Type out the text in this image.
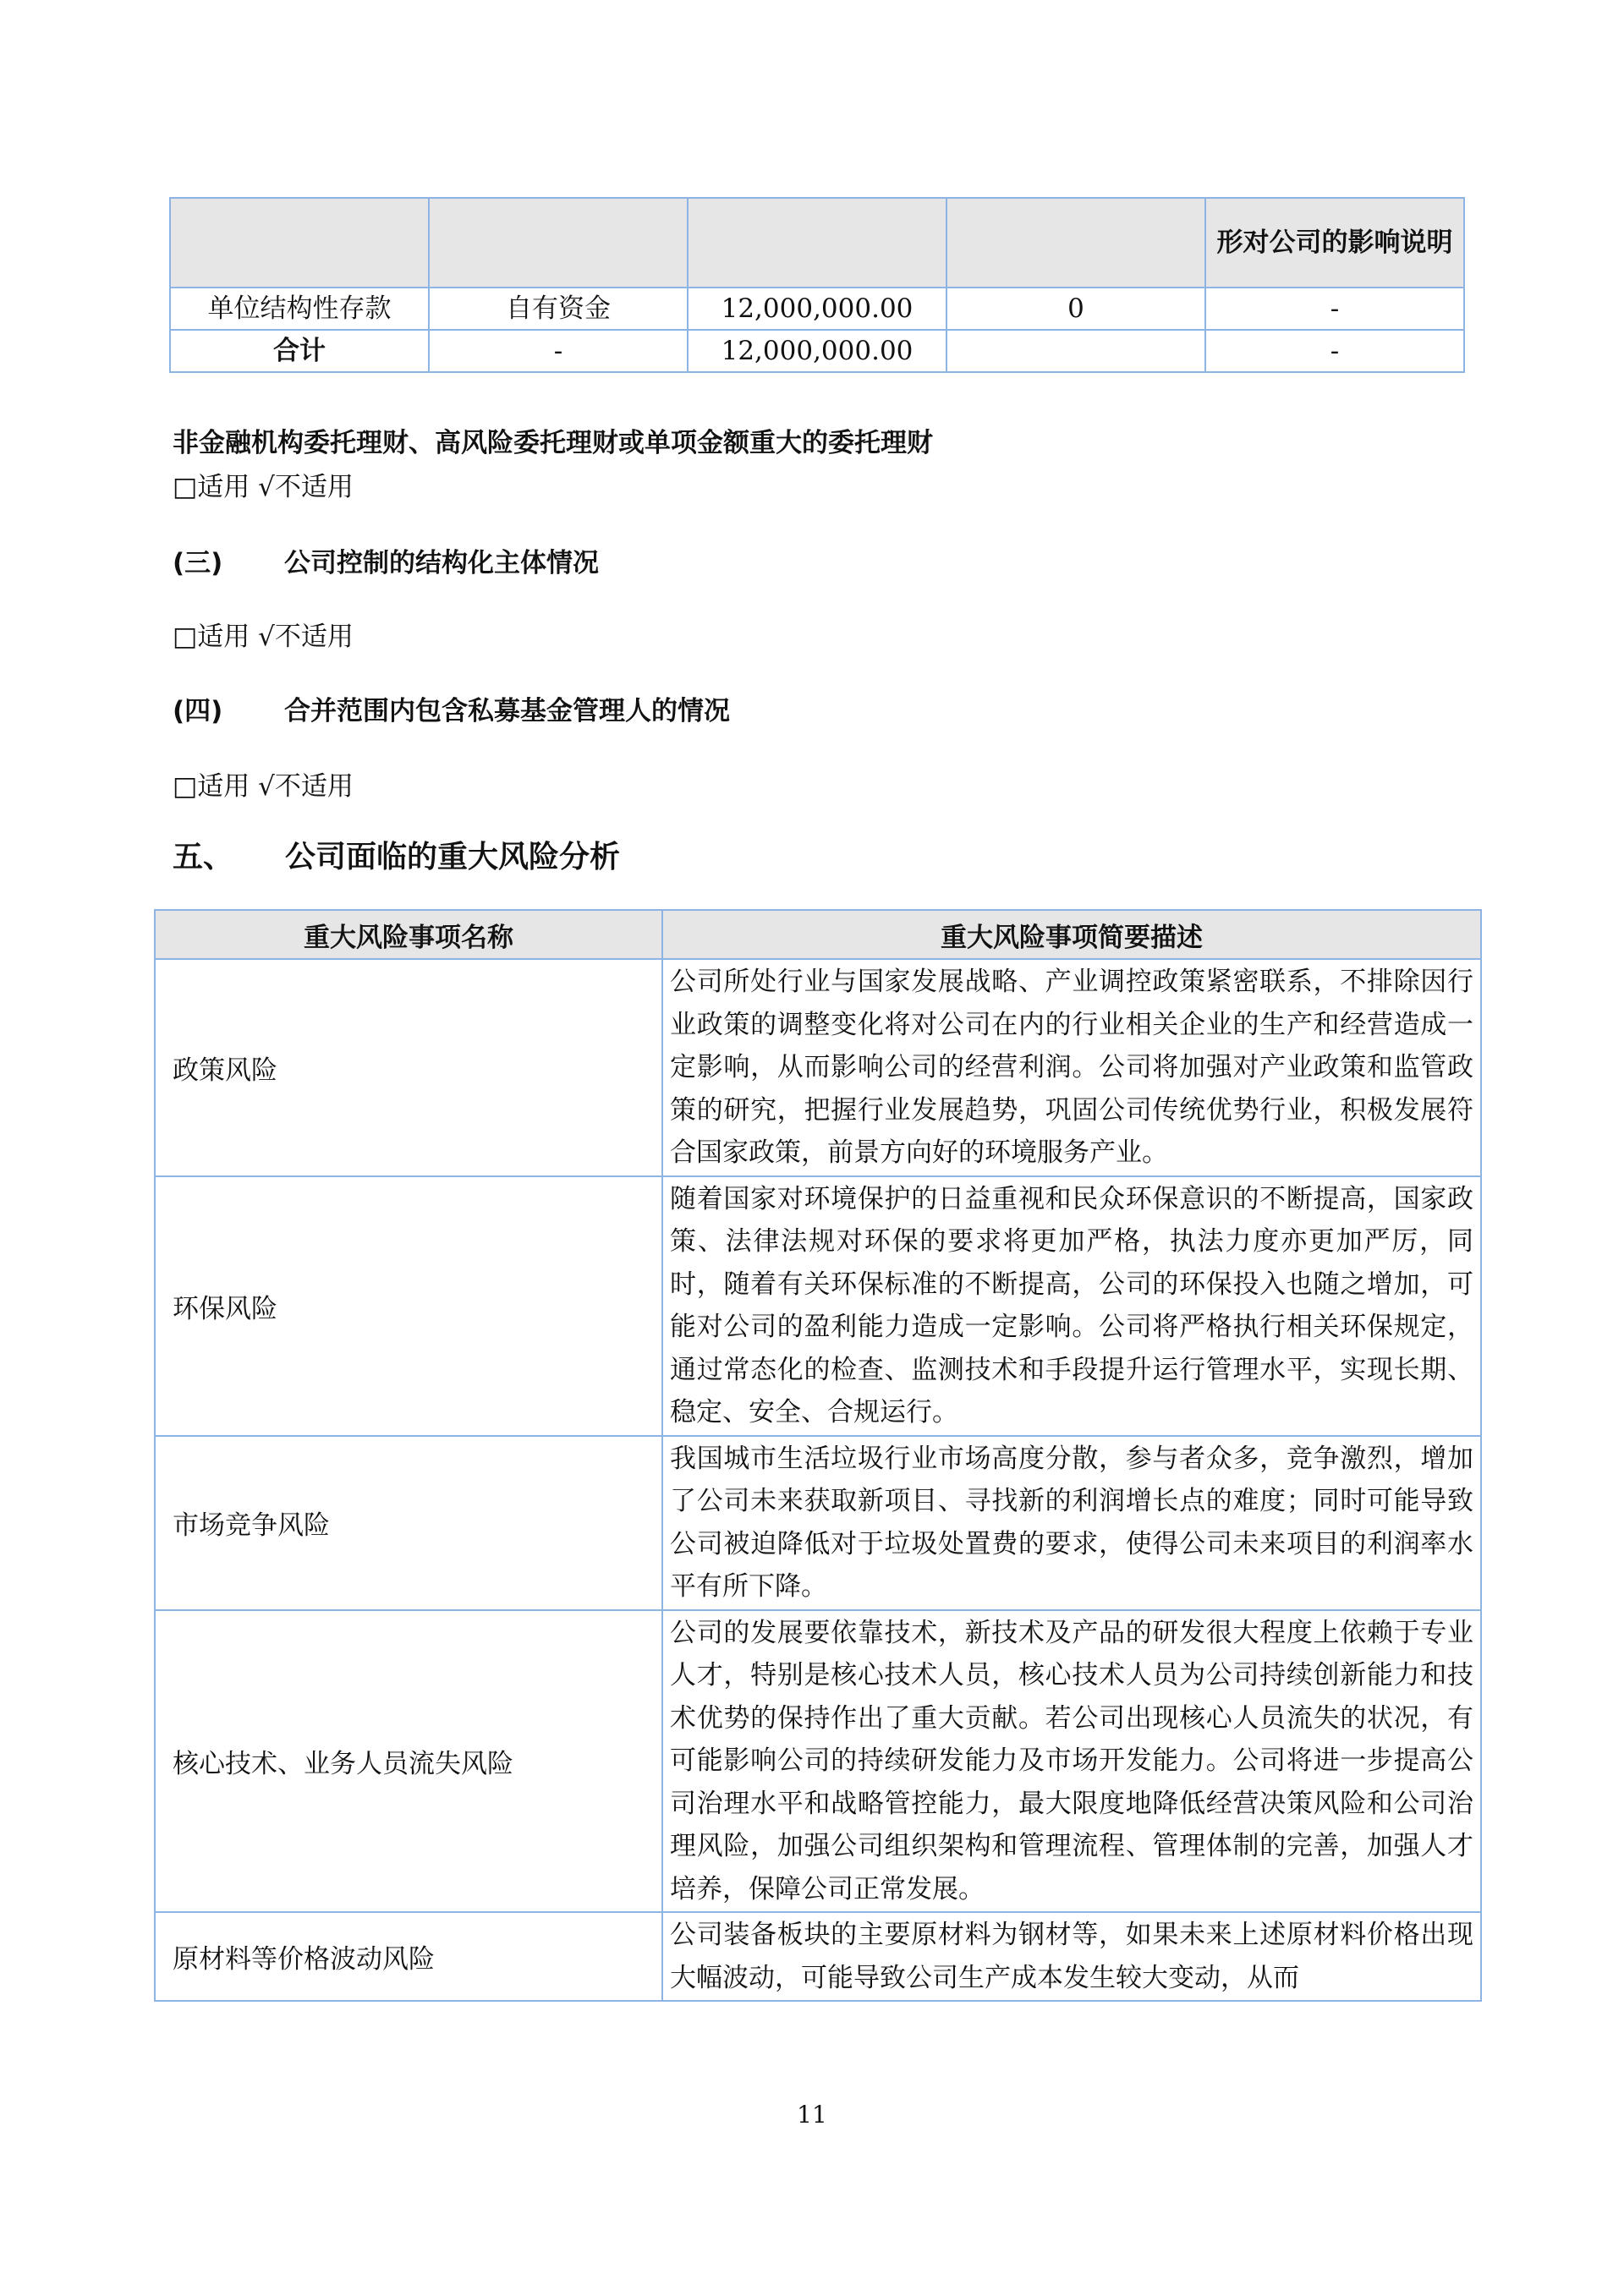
				形对公司的影响说明
单位结构性存款	自有资金	12,000,000.00	0	-
合计	-	12,000,000.00		-
非金融机构委托理财、高风险委托理财或单项金额重大的委托理财
□适用 √不适用
(三) 公司控制的结构化主体情况
□适用 √不适用
(四) 合并范围内包含私募基金管理人的情况
□适用 √不适用
五、 公司面临的重大风险分析
重大风险事项名称	重大风险事项简要描述
政策风险	公司所处行业与国家发展战略、产业调控政策紧密联系，不排除因行业政策的调整变化将对公司在内的行业相关企业的生产和经营造成一定影响，从而影响公司的经营利润。公司将加强对产业政策和监管政策的研究，把握行业发展趋势，巩固公司传统优势行业，积极发展符合国家政策，前景方向好的环境服务产业。
环保风险	随着国家对环境保护的日益重视和民众环保意识的不断提高，国家政策、法律法规对环保的要求将更加严格，执法力度亦更加严厉，同时，随着有关环保标准的不断提高，公司的环保投入也随之增加，可能对公司的盈利能力造成一定影响。公司将严格执行相关环保规定，通过常态化的检查、监测技术和手段提升运行管理水平，实现长期、稳定、安全、合规运行。
市场竞争风险	我国城市生活垃圾行业市场高度分散，参与者众多，竞争激烈，增加了公司未来获取新项目、寻找新的利润增长点的难度；同时可能导致公司被迫降低对于垃圾处置费的要求，使得公司未来项目的利润率水平有所下降。
核心技术、业务人员流失风险	公司的发展要依靠技术，新技术及产品的研发很大程度上依赖于专业人才，特别是核心技术人员，核心技术人员为公司持续创新能力和技术优势的保持作出了重大贡献。若公司出现核心人员流失的状况，有可能影响公司的持续研发能力及市场开发能力。公司将进一步提高公司治理水平和战略管控能力，最大限度地降低经营决策风险和公司治理风险，加强公司组织架构和管理流程、管理体制的完善，加强人才培养，保障公司正常发展。
原材料等价格波动风险	公司装备板块的主要原材料为钢材等，如果未来上述原材料价格出现大幅波动，可能导致公司生产成本发生较大变动，从而
11
